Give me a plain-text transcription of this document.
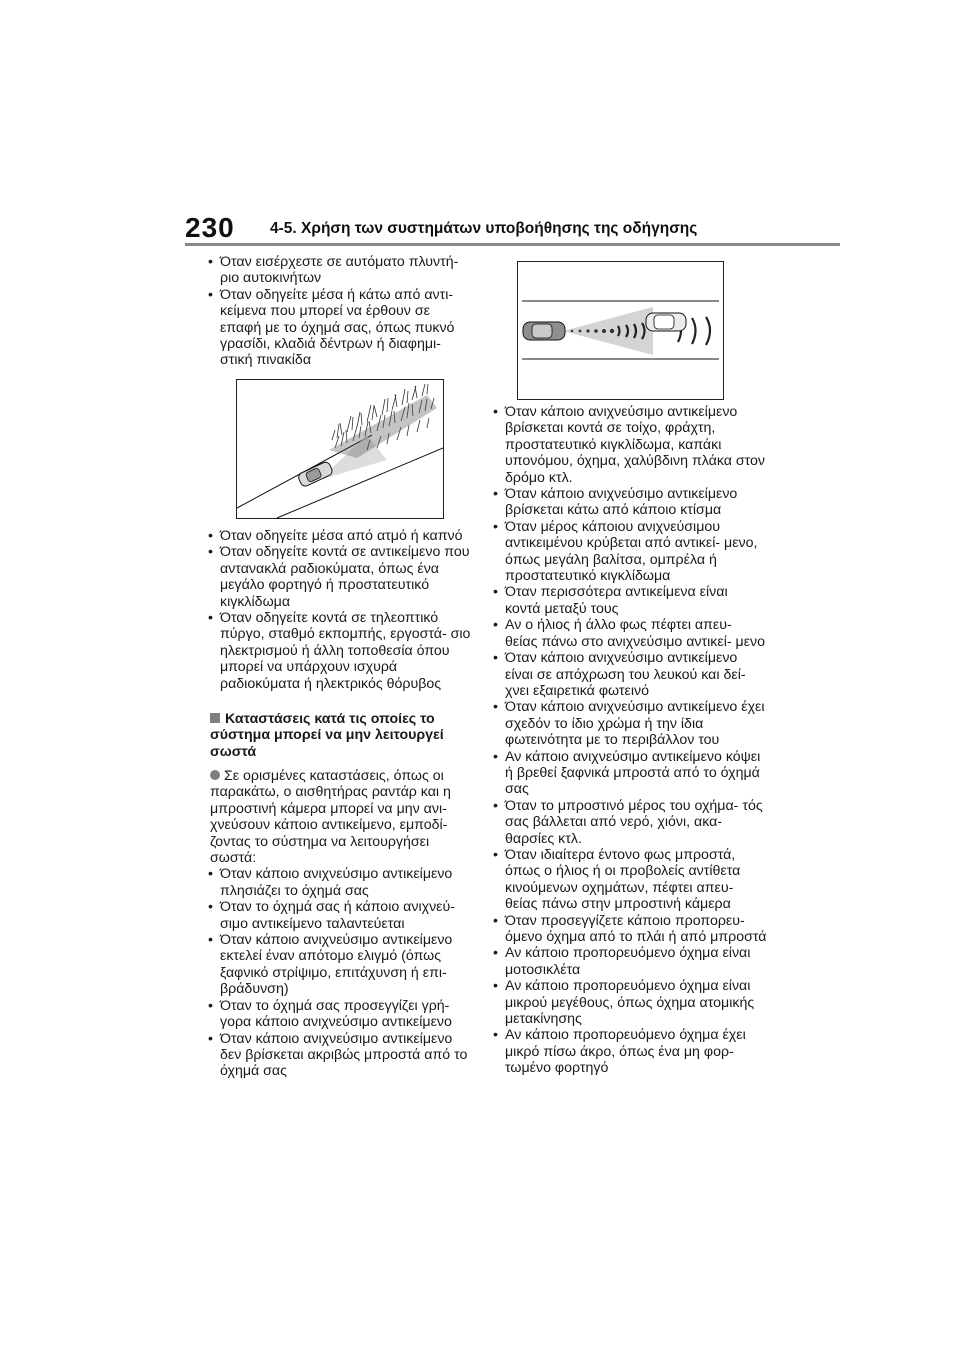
230 4-5. Χρήση των συστημάτων υποβοήθησης της οδήγησης
• Όταν εισέρχεστε σε αυτόματο πλυντή- ριο αυτοκινήτων
• Όταν οδηγείτε μέσα ή κάτω από αντι- κείμενα που μπορεί να έρθουν σε επαφή με το όχημά σας, όπως πυκνό γρασίδι, κλαδιά δέντρων ή διαφημι- στική πινακίδα
• Όταν οδηγείτε μέσα από ατμό ή καπνό
• Όταν οδηγείτε κοντά σε αντικείμενο που αντανακλά ραδιοκύματα, όπως ένα μεγάλο φορτηγό ή προστατευτικό κιγκλίδωμα
• Όταν οδηγείτε κοντά σε τηλεοπτικό πύργο, σταθμό εκπομπής, εργοστά- σιο ηλεκτρισμού ή άλλη τοποθεσία όπου μπορεί να υπάρχουν ισχυρά ραδιοκύματα ή ηλεκτρικός θόρυβος
Καταστάσεις κατά τις οποίες το σύστημα μπορεί να μην λειτουργεί σωστά
Σε ορισμένες καταστάσεις, όπως οι παρακάτω, ο αισθητήρας ραντάρ και η μπροστινή κάμερα μπορεί να μην ανι- χνεύσουν κάποιο αντικείμενο, εμποδί- ζοντας το σύστημα να λειτουργήσει σωστά:
• Όταν κάποιο ανιχνεύσιμο αντικείμενο πλησιάζει το όχημά σας
• Όταν το όχημά σας ή κάποιο ανιχνεύ- σιμο αντικείμενο ταλαντεύεται
• Όταν κάποιο ανιχνεύσιμο αντικείμενο εκτελεί έναν απότομο ελιγμό (όπως ξαφνικό στρίψιμο, επιτάχυνση ή επι- βράδυνση)
• Όταν το όχημά σας προσεγγίζει γρή- γορα κάποιο ανιχνεύσιμο αντικείμενο
• Όταν κάποιο ανιχνεύσιμο αντικείμενο δεν βρίσκεται ακριβώς μπροστά από το όχημά σας
• Όταν κάποιο ανιχνεύσιμο αντικείμενο βρίσκεται κοντά σε τοίχο, φράχτη, προστατευτικό κιγκλίδωμα, καπάκι υπονόμου, όχημα, χαλύβδινη πλάκα στον δρόμο κτλ.
• Όταν κάποιο ανιχνεύσιμο αντικείμενο βρίσκεται κάτω από κάποιο κτίσμα
• Όταν μέρος κάποιου ανιχνεύσιμου αντικειμένου κρύβεται από αντικεί- μενο, όπως μεγάλη βαλίτσα, ομπρέλα ή προστατευτικό κιγκλίδωμα
• Όταν περισσότερα αντικείμενα είναι κοντά μεταξύ τους
• Αν ο ήλιος ή άλλο φως πέφτει απευ- θείας πάνω στο ανιχνεύσιμο αντικεί- μενο
• Όταν κάποιο ανιχνεύσιμο αντικείμενο είναι σε απόχρωση του λευκού και δεί- χνει εξαιρετικά φωτεινό
• Όταν κάποιο ανιχνεύσιμο αντικείμενο έχει σχεδόν το ίδιο χρώμα ή την ίδια φωτεινότητα με το περιβάλλον του
• Αν κάποιο ανιχνεύσιμο αντικείμενο κόψει ή βρεθεί ξαφνικά μπροστά από το όχημά σας
• Όταν το μπροστινό μέρος του οχήμα- τός σας βάλλεται από νερό, χιόνι, ακα- θαρσίες κτλ.
• Όταν ιδιαίτερα έντονο φως μπροστά, όπως ο ήλιος ή οι προβολείς αντίθετα κινούμενων οχημάτων, πέφτει απευ- θείας πάνω στην μπροστινή κάμερα
• Όταν προσεγγίζετε κάποιο προπορευ- όμενο όχημα από το πλάι ή από μπροστά
• Αν κάποιο προπορευόμενο όχημα είναι μοτοσικλέτα
• Αν κάποιο προπορευόμενο όχημα είναι μικρού μεγέθους, όπως όχημα ατομικής μετακίνησης
• Αν κάποιο προπορευόμενο όχημα έχει μικρό πίσω άκρο, όπως ένα μη φορ- τωμένο φορτηγό
